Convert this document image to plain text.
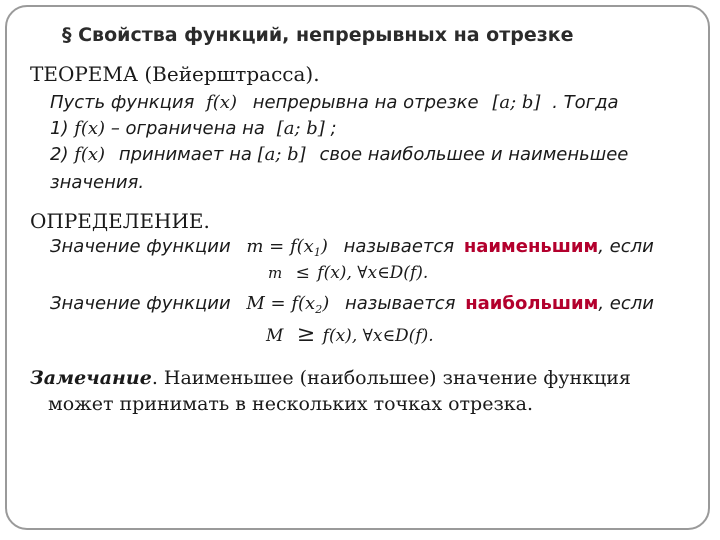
§ Свойства функций, непрерывных на отрезке
ТЕОРЕМА (Вейерштрасса).
Пусть функция f(x) непрерывна на отрезке [a; b] . Тогда
1) f(x) – ограничена на [a; b] ;
2) f(x) принимает на [a; b] свое наибольшее и наименьшее
значения.
ОПРЕДЕЛЕНИЕ.
Значение функции $m = f(x_1)$ называется наименьшим, если
m ≤ f(x), ∀x∈D(f).
Значение функции $M = f(x_2)$ называется наибольшим, если
M ≥ f(x), ∀x∈D(f).
Замечание. Наименьшее (наибольшее) значение функция
может принимать в нескольких точках отрезка.
